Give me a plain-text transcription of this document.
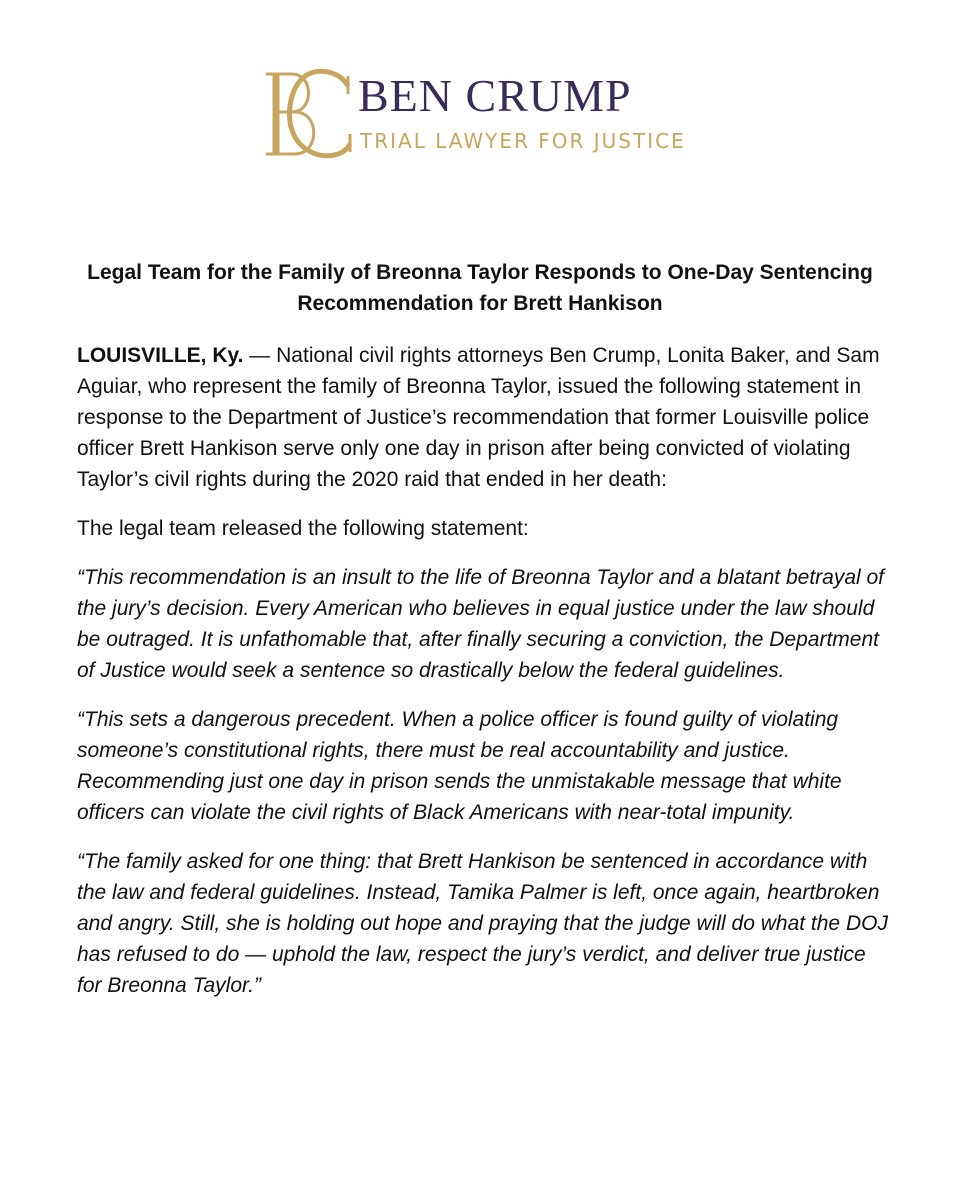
BEN CRUMP
TRIAL LAWYER FOR JUSTICE
Legal Team for the Family of Breonna Taylor Responds to One-Day Sentencing Recommendation for Brett Hankison

LOUISVILLE, Ky. — National civil rights attorneys Ben Crump, Lonita Baker, and Sam Aguiar, who represent the family of Breonna Taylor, issued the following statement in response to the Department of Justice’s recommendation that former Louisville police officer Brett Hankison serve only one day in prison after being convicted of violating Taylor’s civil rights during the 2020 raid that ended in her death:

The legal team released the following statement:

“This recommendation is an insult to the life of Breonna Taylor and a blatant betrayal of the jury’s decision. Every American who believes in equal justice under the law should be outraged. It is unfathomable that, after finally securing a conviction, the Department of Justice would seek a sentence so drastically below the federal guidelines.

“This sets a dangerous precedent. When a police officer is found guilty of violating someone’s constitutional rights, there must be real accountability and justice. Recommending just one day in prison sends the unmistakable message that white officers can violate the civil rights of Black Americans with near-total impunity.

“The family asked for one thing: that Brett Hankison be sentenced in accordance with the law and federal guidelines. Instead, Tamika Palmer is left, once again, heartbroken and angry. Still, she is holding out hope and praying that the judge will do what the DOJ has refused to do — uphold the law, respect the jury’s verdict, and deliver true justice for Breonna Taylor.”
